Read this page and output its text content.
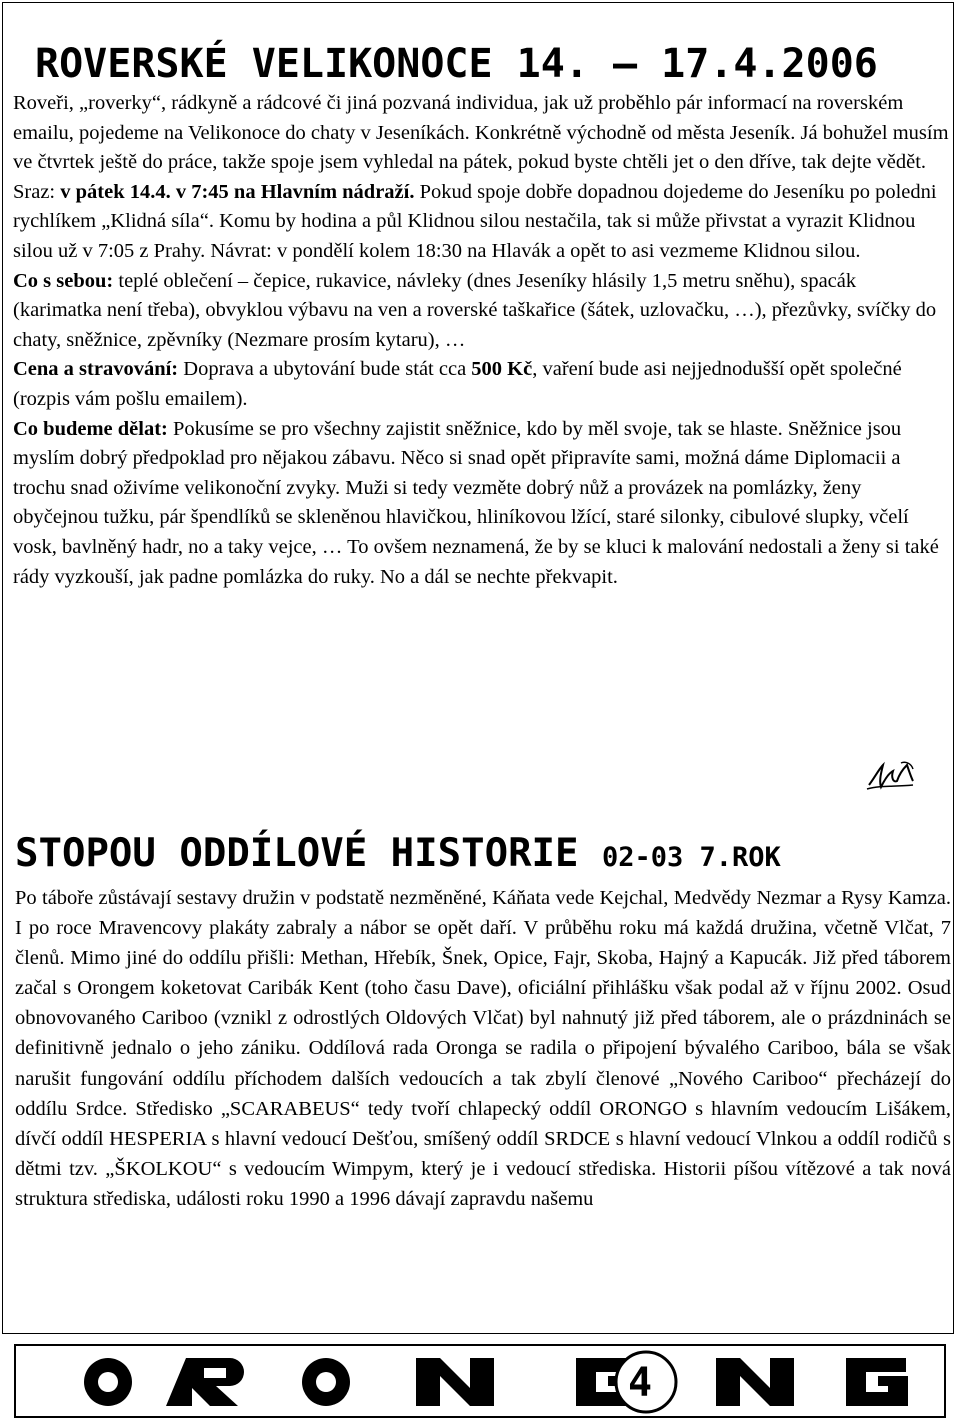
ROVERSKÉ VELIKONOCE 14. – 17.4.2006

Roveři, „roverky“, rádkyně a rádcové či jiná pozvaná individua, jak už proběhlo pár informací na roverském emailu, pojedeme na Velikonoce do chaty v Jeseníkách. Konkrétně východně od města Jeseník. Já bohužel musím ve čtvrtek ještě do práce, takže spoje jsem vyhledal na pátek, pokud byste chtěli jet o den dříve, tak dejte vědět. Sraz: v pátek 14.4. v 7:45 na Hlavním nádraží. Pokud spoje dobře dopadnou dojedeme do Jeseníku po poledni rychlíkem „Klidná síla“. Komu by hodina a půl Klidnou silou nestačila, tak si může přivstat a vyrazit Klidnou silou už v 7:05 z Prahy. Návrat: v pondělí kolem 18:30 na Hlavák a opět to asi vezmeme Klidnou silou.
Co s sebou: teplé oblečení – čepice, rukavice, návleky (dnes Jeseníky hlásily 1,5 metru sněhu), spacák (karimatka není třeba), obvyklou výbavu na ven a roverské taškařice (šátek, uzlovačku, …), přezůvky, svíčky do chaty, sněžnice, zpěvníky (Nezmare prosím kytaru), …
Cena a stravování: Doprava a ubytování bude stát cca 500 Kč, vaření bude asi nejjednodušší opět společné (rozpis vám pošlu emailem).
Co budeme dělat: Pokusíme se pro všechny zajistit sněžnice, kdo by měl svoje, tak se hlaste. Sněžnice jsou myslím dobrý předpoklad pro nějakou zábavu. Něco si snad opět připravíte sami, možná dáme Diplomacii a trochu snad oživíme velikonoční zvyky. Muži si tedy vezměte dobrý nůž a provázek na pomlázky, ženy obyčejnou tužku, pár špendlíků se skleněnou hlavičkou, hliníkovou lžící, staré silonky, cibulové slupky, včelí vosk, bavlněný hadr, no a taky vejce, … To ovšem neznamená, že by se kluci k malování nedostali a ženy si také rády vyzkouší, jak padne pomlázka do ruky. No a dál se nechte překvapit.

STOPOU ODDÍLOVÉ HISTORIE 02-03 7.ROK

Po táboře zůstávají sestavy družin v podstatě nezměněné, Káňata vede Kejchal, Medvědy Nezmar a Rysy Kamza. I po roce Mravencovy plakáty zabraly a nábor se opět daří. V průběhu roku má každá družina, včetně Vlčat, 7 členů. Mimo jiné do oddílu přišli: Methan, Hřebík, Šnek, Opice, Fajr, Skoba, Hajný a Kapucák. Již před táborem začal s Orongem koketovat Caribák Kent (toho času Dave), oficiální přihlášku však podal až v říjnu 2002. Osud obnovovaného Cariboo (vznikl z odrostlých Oldových Vlčat) byl nahnutý již před táborem, ale o prázdninách se definitivně jednalo o jeho zániku. Oddílová rada Oronga se radila o připojení bývalého Cariboo, bála se však narušit fungování oddílu příchodem dalších vedoucích a tak zbylí členové „Nového Cariboo“ přecházejí do oddílu Srdce. Středisko „SCARABEUS“ tedy tvoří chlapecký oddíl ORONGO s hlavním vedoucím Lišákem, dívčí oddíl HESPERIA s hlavní vedoucí Dešťou, smíšený oddíl SRDCE s hlavní vedoucí Vlnkou a oddíl rodičů s dětmi tzv. „ŠKOLKOU“ s vedoucím Wimpym, který je i vedoucí střediska. Historii píšou vítězové a tak nová struktura střediska, události roku 1990 a 1996 dávají zapravdu našemu

4
